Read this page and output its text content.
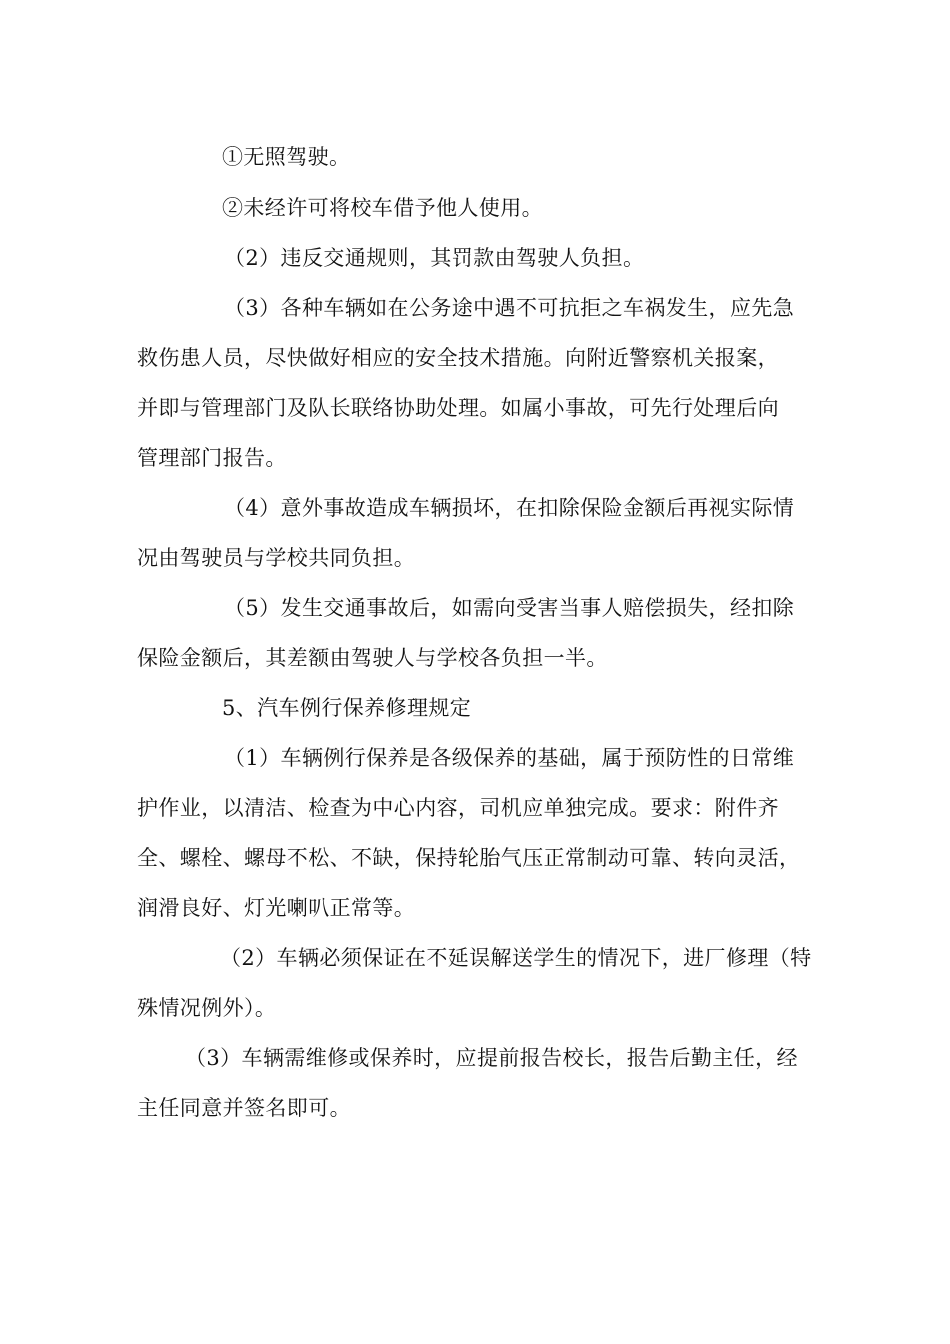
①无照驾驶。
②未经许可将校车借予他人使用。
（2）违反交通规则，其罚款由驾驶人负担。
（3）各种车辆如在公务途中遇不可抗拒之车祸发生，应先急
救伤患人员，尽快做好相应的安全技术措施。向附近警察机关报案，
并即与管理部门及队长联络协助处理。如属小事故，可先行处理后向
管理部门报告。
（4）意外事故造成车辆损坏，在扣除保险金额后再视实际情
况由驾驶员与学校共同负担。
（5）发生交通事故后，如需向受害当事人赔偿损失，经扣除
保险金额后，其差额由驾驶人与学校各负担一半。
5、汽车例行保养修理规定
（1）车辆例行保养是各级保养的基础，属于预防性的日常维
护作业，以清洁、检查为中心内容，司机应单独完成。要求：附件齐
全、螺栓、螺母不松、不缺，保持轮胎气压正常制动可靠、转向灵活，
润滑良好、灯光喇叭正常等。
（2）车辆必须保证在不延误解送学生的情况下，进厂修理（特
殊情况例外）。
（3）车辆需维修或保养时，应提前报告校长，报告后勤主任，经
主任同意并签名即可。
